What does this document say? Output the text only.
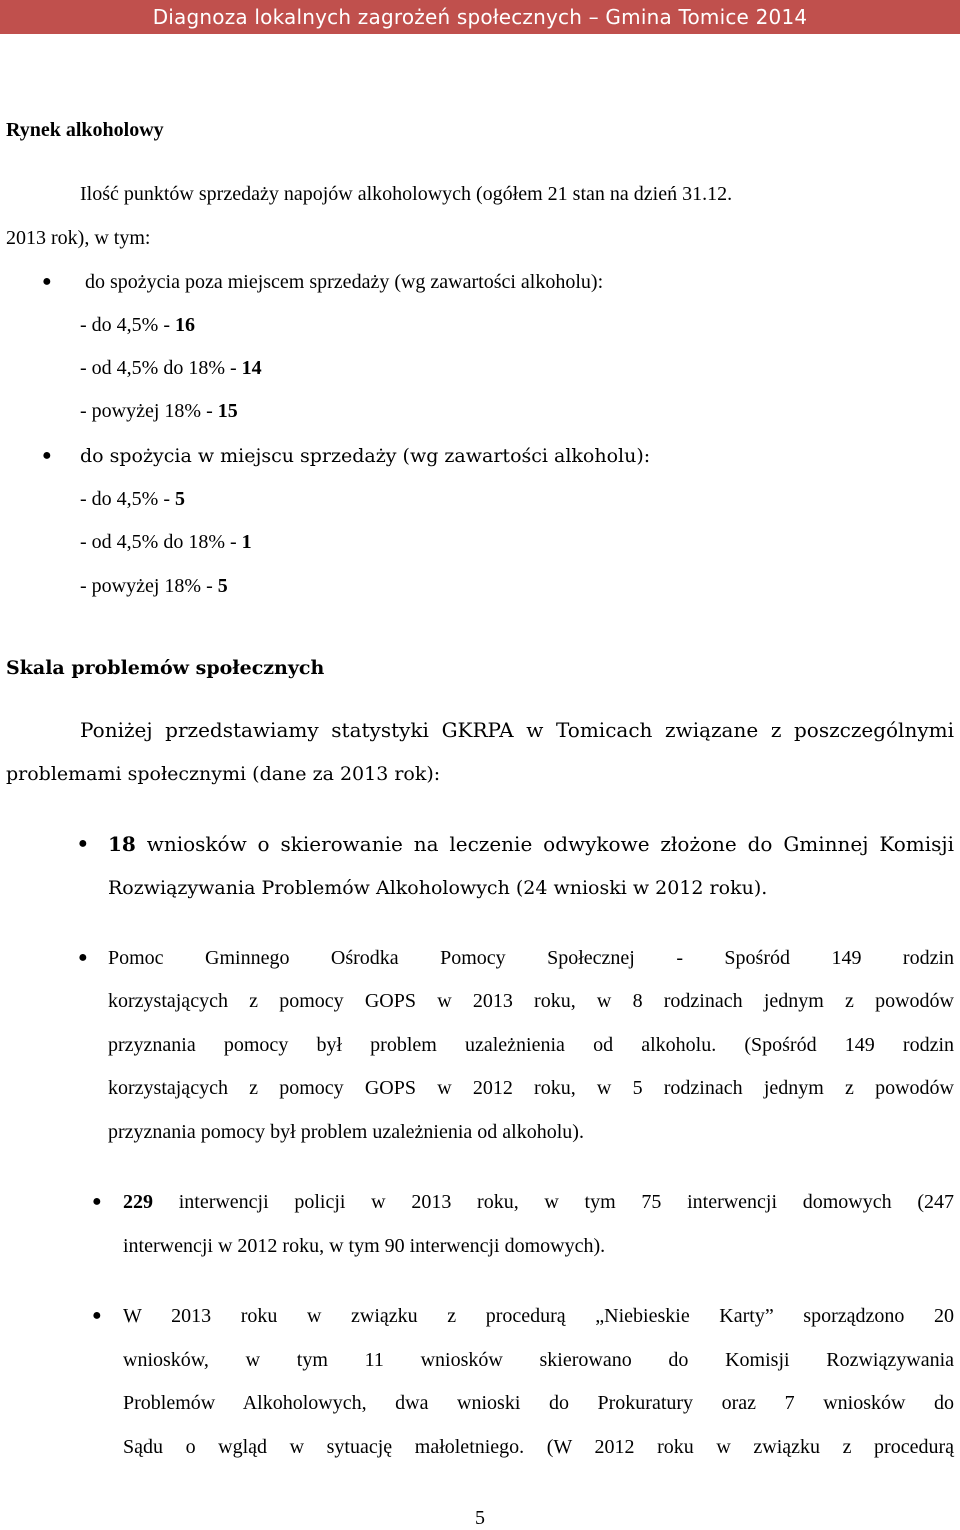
Diagnoza lokalnych zagrożeń społecznych – Gmina Tomice 2014
Rynek alkoholowy
Ilość punktów sprzedaży napojów alkoholowych (ogółem 21 stan na dzień 31.12.
2013 rok), w tym:
● do spożycia poza miejscem sprzedaży (wg zawartości alkoholu):
- do 4,5% - 16
- od 4,5% do 18% - 14
- powyżej 18% - 15
● do spożycia w miejscu sprzedaży (wg zawartości alkoholu):
- do 4,5% - 5
- od 4,5% do 18% - 1
- powyżej 18% - 5
Skala problemów społecznych
Poniżej przedstawiamy statystyki GKRPA w Tomicach związane z poszczególnymi
problemami społecznymi (dane za 2013 rok):
● 18 wniosków o skierowanie na leczenie odwykowe złożone do Gminnej Komisji
Rozwiązywania Problemów Alkoholowych (24 wnioski w 2012 roku).
● Pomoc Gminnego Ośrodka Pomocy Społecznej - Spośród 149 rodzin
korzystających z pomocy GOPS w 2013 roku, w 8 rodzinach jednym z powodów
przyznania pomocy był problem uzależnienia od alkoholu. (Spośród 149 rodzin
korzystających z pomocy GOPS w 2012 roku, w 5 rodzinach jednym z powodów
przyznania pomocy był problem uzależnienia od alkoholu).
● 229 interwencji policji w 2013 roku, w tym 75 interwencji domowych (247
interwencji w 2012 roku, w tym 90 interwencji domowych).
● W 2013 roku w związku z procedurą „Niebieskie Karty” sporządzono 20
wniosków, w tym 11 wniosków skierowano do Komisji Rozwiązywania
Problemów Alkoholowych, dwa wnioski do Prokuratury oraz 7 wniosków do
Sądu o wgląd w sytuację małoletniego. (W 2012 roku w związku z procedurą
5
